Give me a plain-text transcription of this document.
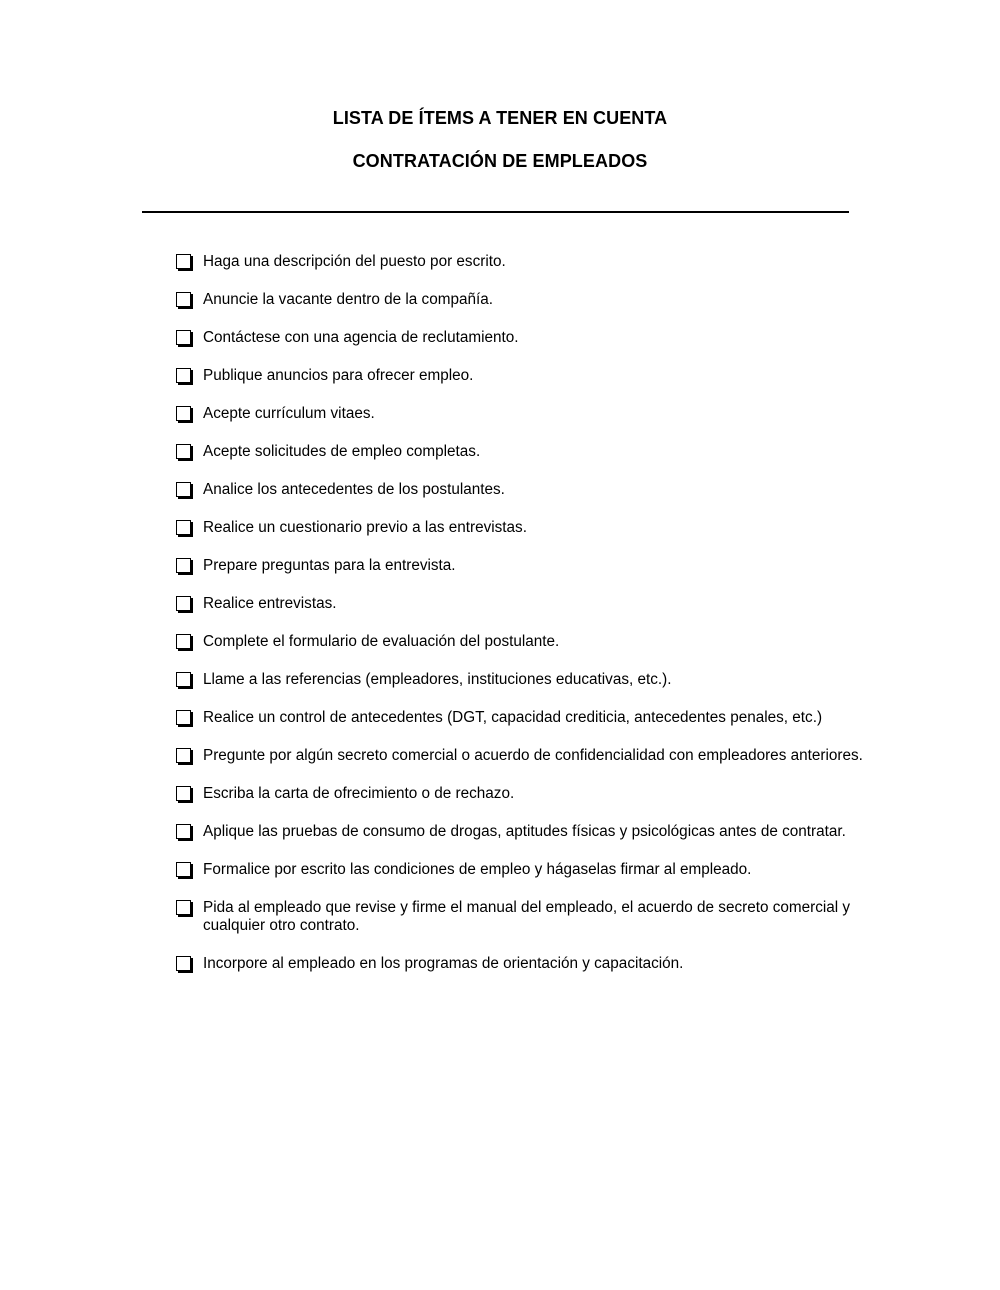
LISTA DE ÍTEMS A TENER EN CUENTA
CONTRATACIÓN DE EMPLEADOS
Haga una descripción del puesto por escrito.
Anuncie la vacante dentro de la compañía.
Contáctese con una agencia de reclutamiento.
Publique anuncios para ofrecer empleo.
Acepte currículum vitaes.
Acepte solicitudes de empleo completas.
Analice los antecedentes de los postulantes.
Realice un cuestionario previo a las entrevistas.
Prepare preguntas para la entrevista.
Realice entrevistas.
Complete el formulario de evaluación del postulante.
Llame a las referencias (empleadores, instituciones educativas, etc.).
Realice un control de antecedentes (DGT, capacidad crediticia, antecedentes penales, etc.)
Pregunte por algún secreto comercial o acuerdo de confidencialidad con empleadores anteriores.
Escriba la carta de ofrecimiento o de rechazo.
Aplique las pruebas de consumo de drogas, aptitudes físicas y psicológicas antes de contratar.
Formalice por escrito las condiciones de empleo y hágaselas firmar al empleado.
Pida al empleado que revise y firme el manual del empleado, el acuerdo de secreto comercial y cualquier otro contrato.
Incorpore al empleado en los programas de orientación y capacitación.
